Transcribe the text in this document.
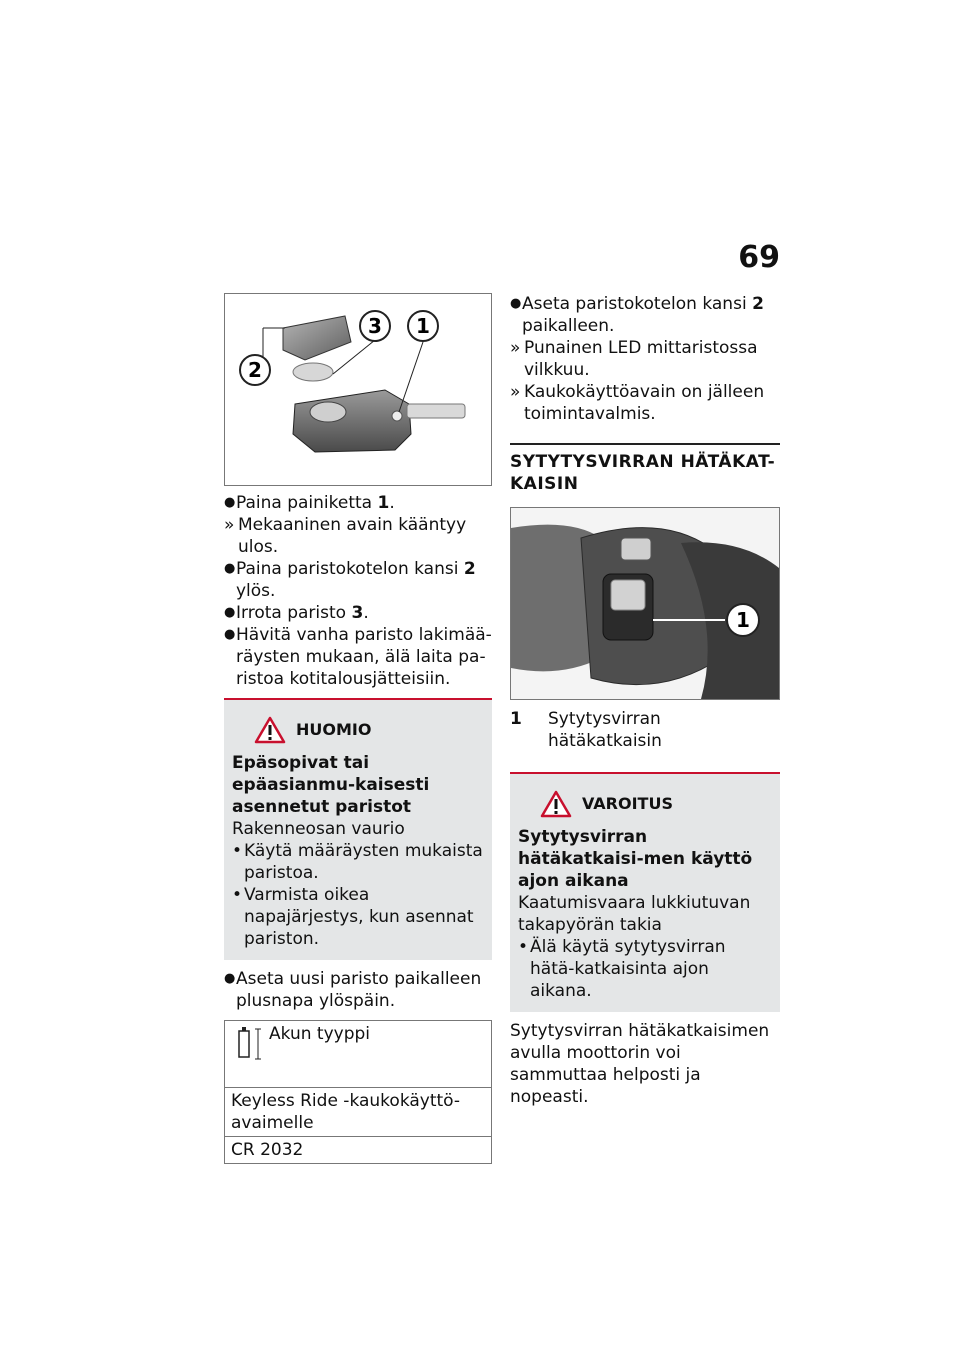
69
2
3 1

● Paina painiketta 1.

» Mekaaninen avain kääntyy ulos.

● Paina paristokotelon kansi 2 ylös.

● Irrota paristo 3.

● Hävitä vanha paristo lakimää-räysten mukaan, älä laita pa-ristoa kotitalousjätteisiin.

HUOMIO
Epäsopivat tai epäasianmu-kaisesti asennetut paristot
Rakenneosan vaurio
• Käytä määräysten mukaista paristoa.
• Varmista oikea napajärjestys, kun asennat pariston.

● Aseta uusi paristo paikalleen plusnapa ylöspäin.

Akun tyyppi

Keyless Ride -kaukokäyttö-avaimelle
CR 2032

● Aseta paristokotelon kansi 2 paikalleen.

» Punainen LED mittaristossa vilkkuu.

» Kaukokäyttöavain on jälleen toimintavalmis.

SYTYTYSVIRRAN HÄTÄKAT-KAISIN
1
1	Sytytysvirran hätäkatkaisin
VAROITUS
Sytytysvirran hätäkatkaisi-men käyttö ajon aikana
Kaatumisvaara lukkiutuvan takapyörän takia
• Älä käytä sytytysvirran hätä-katkaisinta ajon aikana.
Sytytysvirran hätäkatkaisimen avulla moottorin voi sammuttaa helposti ja nopeasti.
